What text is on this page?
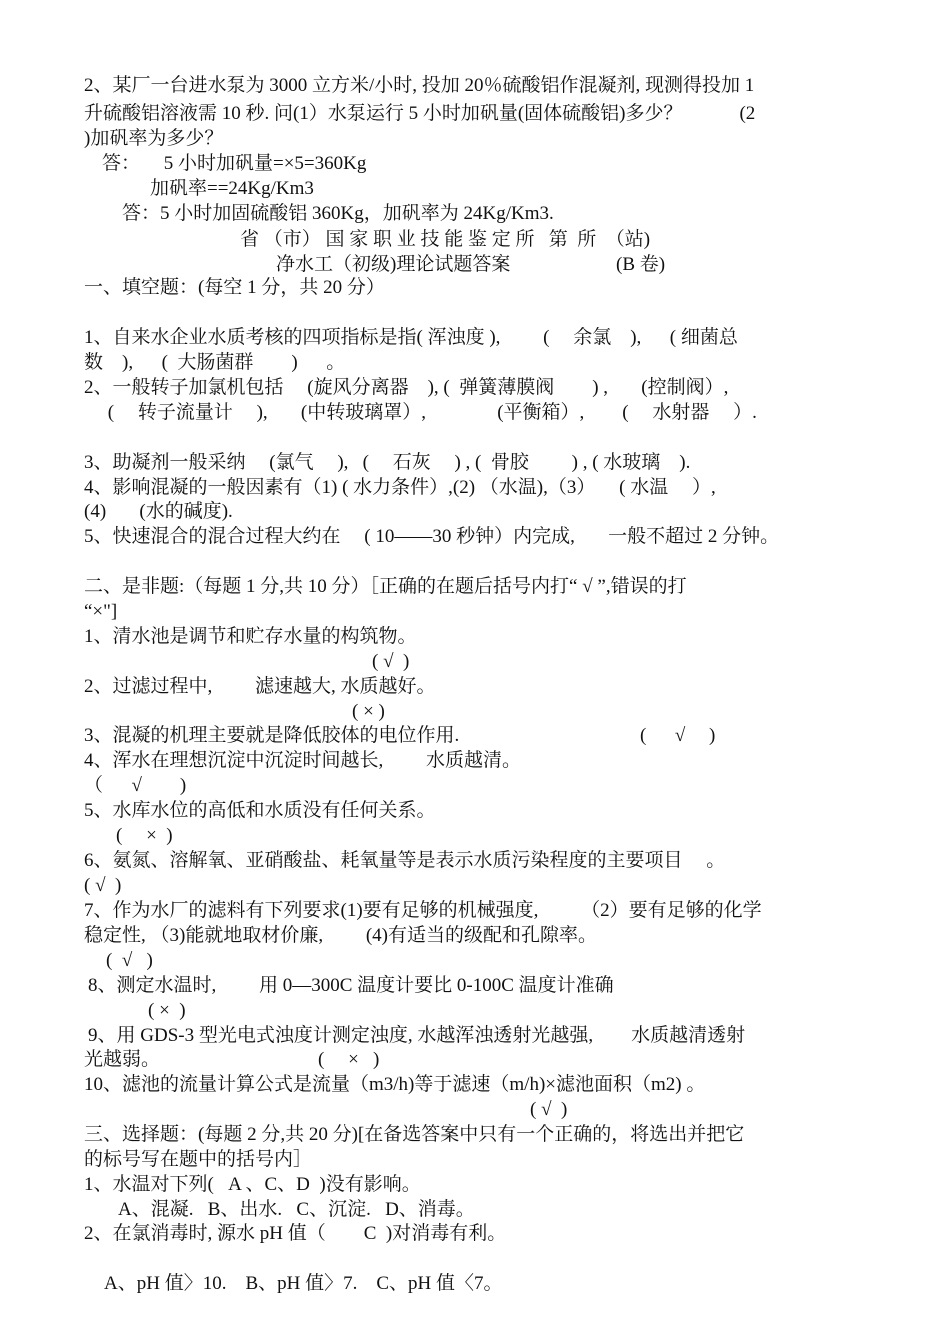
2、某厂一台进水泵为 3000 立方米/小时, 投加 20％硫酸铝作混凝剂, 现测得投加 1
升硫酸铝溶液需 10 秒. 问(1）水泵运行 5 小时加矾量(固体硫酸铝)多少？            (2
)加矾率为多少？
答：     5 小时加矾量=×5=360Kg
加矾率==24Kg/Km3
答：5 小时加固硫酸铝 360Kg，加矾率为 24Kg/Km3.
省 （市） 国 家 职 业 技 能 鉴 定 所   第  所  （站)
净水工（初级)理论试题答案	(B 卷)
一、填空题：(每空 1 分，共 20 分）
1、自来水企业水质考核的四项指标是指( 浑浊度 ),         (     余氯    ),      ( 细菌总
数    ),      (  大肠菌群        )      。
2、一般转子加氯机包括     (旋风分离器    ), (  弹簧薄膜阀        ) ,       (控制阀）,
(     转子流量计     ),       (中转玻璃罩）,               (平衡箱）,        (     水射器     ）.
3、助凝剂一般采纳     (氯气     ),   (     石灰     ) , (  骨胶         ) , ( 水玻璃    ).
4、影响混凝的一般因素有（1) ( 水力条件）,(2) （水温),（3）     ( 水温     ）,
(4)       (水的碱度).
5、快速混合的混合过程大约在     ( 10——30 秒钟）内完成,       一般不超过 2 分钟。
二、是非题:（每题 1 分,共 10 分）［正确的在题后括号内打“ √ ”,错误的打
“×"]
1、清水池是调节和贮存水量的构筑物。
( √  )
2、过滤过程中,         滤速越大, 水质越好。
( × )
3、混凝的机理主要就是降低胶体的电位作用.	(      √     )
4、浑水在理想沉淀中沉淀时间越长,         水质越清。
（      √        )
5、水库水位的高低和水质没有任何关系。
(     ×  )
6、氨氮、溶解氧、亚硝酸盐、耗氧量等是表示水质污染程度的主要项目     。
( √  )
7、作为水厂的滤料有下列要求(1)要有足够的机械强度,         （2）要有足够的化学
稳定性, （3)能就地取材价廉,         (4)有适当的级配和孔隙率。
(  √   )
8、测定水温时,         用 0—300C 温度计要比 0-100C 温度计准确
( ×  )
9、用 GDS-3 型光电式浊度计测定浊度, 水越浑浊透射光越强,        水质越清透射
光越弱。	(     ×   )
10、滤池的流量计算公式是流量（m3/h)等于滤速（m/h)×滤池面积（m2) 。
( √  )
三、选择题：(每题 2 分,共 20 分)[在备选答案中只有一个正确的，将选出并把它
的标号写在题中的括号内］
1、水温对下列(   A 、C、D  )没有影响。
A、混凝.   B、出水.   C、沉淀.   D、消毒。
2、在氯消毒时, 源水 pH 值（        C  )对消毒有利。
A、pH 值〉10.    B、pH 值〉7.    C、pH 值〈7。
